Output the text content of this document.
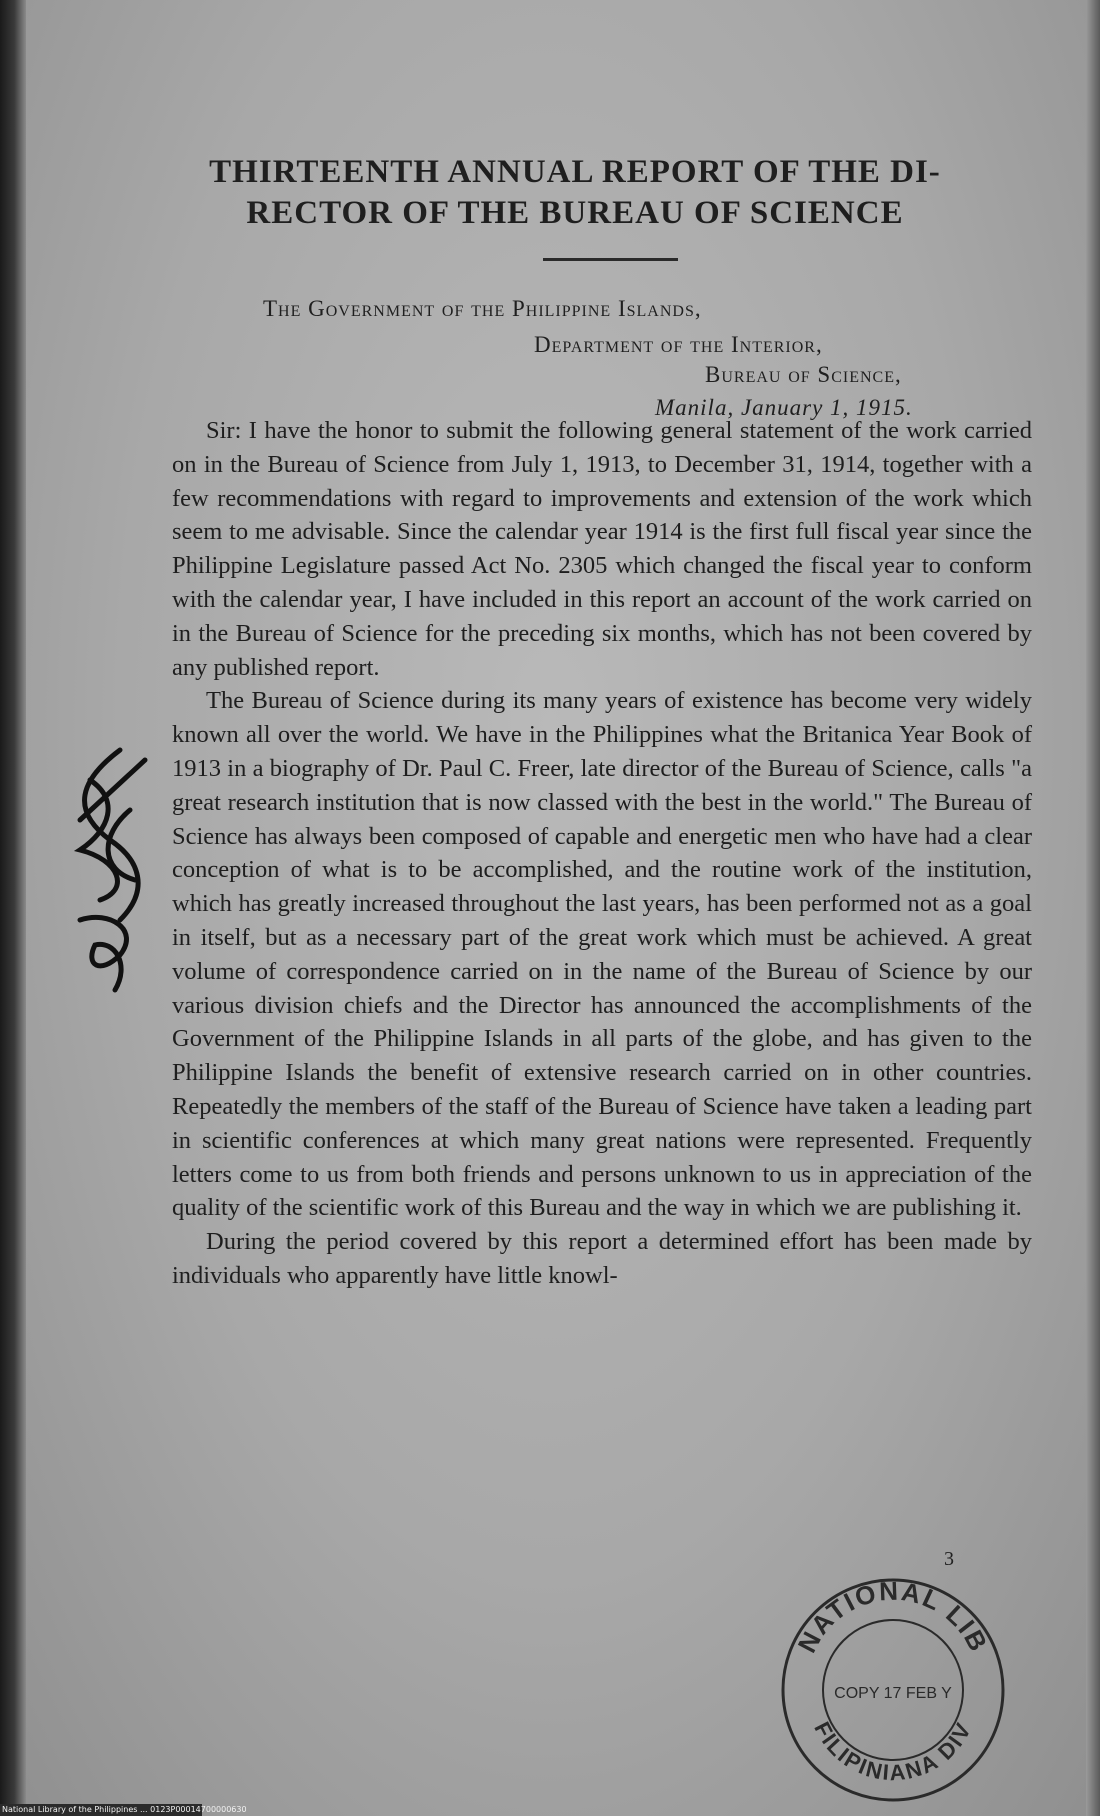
THIRTEENTH ANNUAL REPORT OF THE DI-
RECTOR OF THE BUREAU OF SCIENCE
The Government of the Philippine Islands,
Department of the Interior,
Bureau of Science,
Manila, January 1, 1915.

Sir: I have the honor to submit the following general statement of the work carried on in the Bureau of Science from July 1, 1913, to December 31, 1914, together with a few recommendations with regard to improvements and extension of the work which seem to me advisable. Since the calendar year 1914 is the first full fiscal year since the Philippine Legislature passed Act No. 2305 which changed the fiscal year to conform with the calendar year, I have included in this report an account of the work carried on in the Bureau of Science for the preceding six months, which has not been covered by any published report.

The Bureau of Science during its many years of existence has become very widely known all over the world. We have in the Philippines what the Britanica Year Book of 1913 in a biography of Dr. Paul C. Freer, late director of the Bureau of Science, calls "a great research institution that is now classed with the best in the world." The Bureau of Science has always been composed of capable and energetic men who have had a clear conception of what is to be accomplished, and the routine work of the institution, which has greatly increased throughout the last years, has been performed not as a goal in itself, but as a necessary part of the great work which must be achieved. A great volume of correspondence carried on in the name of the Bureau of Science by our various division chiefs and the Director has announced the accomplishments of the Government of the Philippine Islands in all parts of the globe, and has given to the Philippine Islands the benefit of extensive research carried on in other countries. Repeatedly the members of the staff of the Bureau of Science have taken a leading part in scientific conferences at which many great nations were represented. Frequently letters come to us from both friends and persons unknown to us in appreciation of the quality of the scientific work of this Bureau and the way in which we are publishing it.

During the period covered by this report a determined effort has been made by individuals who apparently have little knowl-

3
NATIONAL LIB
COPY 17 FEB Y
FILIPINIANA DIV
National Library of the Philippines ... 0123P00014700000630
